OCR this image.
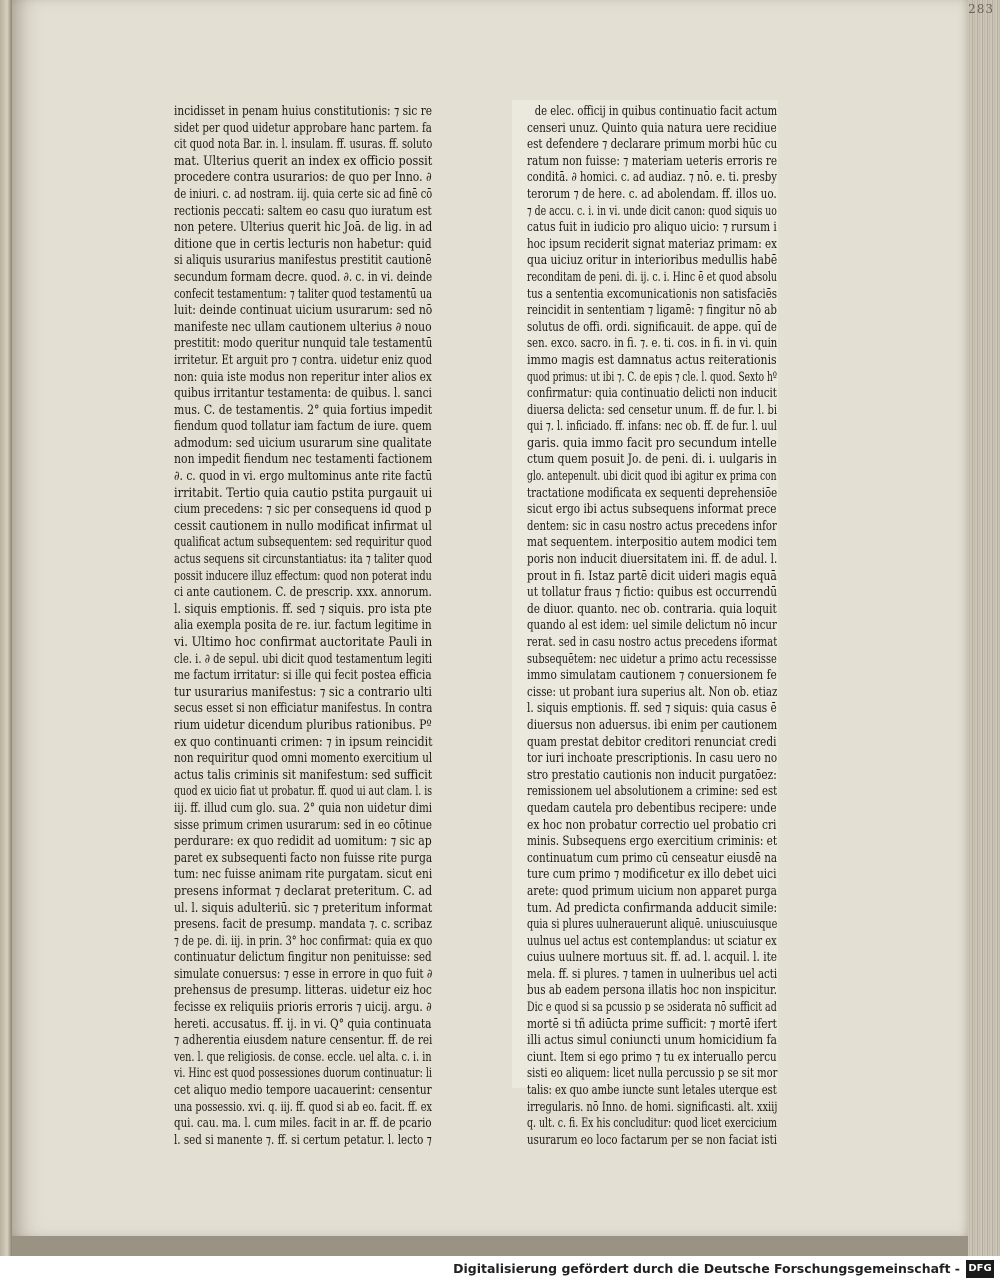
283
incidisset in penam huius constitutionis: ⁊ sic re
sidet per quod uidetur approbare hanc partem. fa
cit quod nota Bar. in. l. insulam. ff. usuras. ff. soluto
mat. Ulterius querit an index ex officio possit
procedere contra usurarios: de quo per Inno. ∂
de iniuri. c. ad nostram. iij. quia certe sic ad finē cō
rectionis peccati: saltem eo casu quo iuratum est
non petere. Ulterius querit hic Joā. de lig. in ad
ditione que in certis lecturis non habetur: quid
si aliquis usurarius manifestus prestitit cautionē
secundum formam decre. quod. ∂. c. in vi. deinde
confecit testamentum: ⁊ taliter quod testamentū ua
luit: deinde continuat uicium usurarum: sed nō
manifeste nec ullam cautionem ulterius ∂ nouo
prestitit: modo queritur nunquid tale testamentū
irritetur. Et arguit pro ⁊ contra. uidetur eniz quod
non: quia iste modus non reperitur inter alios ex
quibus irritantur testamenta: de quibus. l. sanci
mus. C. de testamentis. 2° quia fortius impedit
fiendum quod tollatur iam factum de iure. quem
admodum: sed uicium usurarum sine qualitate
non impedit fiendum nec testamenti factionem
∂. c. quod in vi. ergo multominus ante rite factū
irritabit. Tertio quia cautio pstita purgauit ui
cium precedens: ⁊ sic per consequens id quod p
cessit cautionem in nullo modificat infirmat ul
qualificat actum subsequentem: sed requiritur quod
actus sequens sit circunstantiatus: ita ⁊ taliter quod
possit inducere illuz effectum: quod non poterat indu
ci ante cautionem. C. de prescrip. xxx. annorum.
l. siquis emptionis. ff. sed ⁊ siquis. pro ista pte
alia exempla posita de re. iur. factum legitime in
vi. Ultimo hoc confirmat auctoritate Pauli in
cle. i. ∂ de sepul. ubi dicit quod testamentum legiti
me factum irritatur: si ille qui fecit postea efficia
tur usurarius manifestus: ⁊ sic a contrario ulti
secus esset si non efficiatur manifestus. In contra
rium uidetur dicendum pluribus rationibus. Pº
ex quo continuanti crimen: ⁊ in ipsum reincidit
non requiritur quod omni momento exercitium ul
actus talis criminis sit manifestum: sed sufficit
quod ex uicio fiat ut probatur. ff. quod ui aut clam. l. is
iij. ff. illud cum glo. sua. 2° quia non uidetur dimi
sisse primum crimen usurarum: sed in eo cōtinue
perdurare: ex quo redidit ad uomitum: ⁊ sic ap
paret ex subsequenti facto non fuisse rite purga
tum: nec fuisse animam rite purgatam. sicut eni
presens informat ⁊ declarat preteritum. C. ad
ul. l. siquis adulteriū. sic ⁊ preteritum informat
presens. facit de presump. mandata ⁊. c. scribaz
⁊ de pe. di. iij. in prin. 3° hoc confirmat: quia ex quo
continuatur delictum fingitur non penituisse: sed
simulate conuersus: ⁊ esse in errore in quo fuit ∂
prehensus de presump. litteras. uidetur eiz hoc
fecisse ex reliquiis prioris erroris ⁊ uicij. argu. ∂
hereti. accusatus. ff. ij. in vi. Q° quia continuata
⁊ adherentia eiusdem nature censentur. ff. de rei
ven. l. que religiosis. de conse. eccle. uel alta. c. i. in
vi. Hinc est quod possessiones duorum continuatur: li
cet aliquo medio tempore uacauerint: censentur
una possessio. xvi. q. iij. ff. quod si ab eo. facit. ff. ex
qui. cau. ma. l. cum miles. facit in ar. ff. de pcario
l. sed si manente ⁊. ff. si certum petatur. l. lecto ⁊
de elec. officij in quibus continuatio facit actum
censeri unuz. Quinto quia natura uere recidiue
est defendere ⁊ declarare primum morbi hūc cu
ratum non fuisse: ⁊ materiam ueteris erroris re
conditā. ∂ homici. c. ad audiaz. ⁊ nō. e. ti. presby
terorum ⁊ de here. c. ad abolendam. ff. illos uo.
⁊ de accu. c. i. in vi. unde dicit canon: quod siquis uo
catus fuit in iudicio pro aliquo uicio: ⁊ rursum i
hoc ipsum reciderit signat materiaz primam: ex
qua uiciuz oritur in interioribus medullis habē
reconditam de peni. di. ij. c. i. Hinc ē et quod absolu
tus a sententia excomunicationis non satisfaciēs
reincidit in sententiam ⁊ ligamē: ⁊ fingitur nō ab
solutus de offi. ordi. significauit. de appe. quī de
sen. exco. sacro. in fi. ⁊. e. ti. cos. in fi. in vi. quin
immo magis est damnatus actus reiterationis
quod primus: ut ibi ⁊. C. de epis ⁊ cle. l. quod. Sexto hº
confirmatur: quia continuatio delicti non inducit
diuersa delicta: sed censetur unum. ff. de fur. l. bi
qui ⁊. l. inficiado. ff. infans: nec ob. ff. de fur. l. uul
garis. quia immo facit pro secundum intelle
ctum quem posuit Jo. de peni. di. i. uulgaris in
glo. antepenult. ubi dicit quod ibi agitur ex prima con
tractatione modificata ex sequenti deprehensiōe
sicut ergo ibi actus subsequens informat prece
dentem: sic in casu nostro actus precedens infor
mat sequentem. interpositio autem modici tem
poris non inducit diuersitatem ini. ff. de adul. l.
prout in fi. Istaz partē dicit uideri magis equā
ut tollatur fraus ⁊ fictio: quibus est occurrendū
de diuor. quanto. nec ob. contraria. quia loquit
quando al est idem: uel simile delictum nō incur
rerat. sed in casu nostro actus precedens iformat
subsequētem: nec uidetur a primo actu recessisse
immo simulatam cautionem ⁊ conuersionem fe
cisse: ut probant iura superius alt. Non ob. etiaz
l. siquis emptionis. ff. sed ⁊ siquis: quia casus ē
diuersus non aduersus. ibi enim per cautionem
quam prestat debitor creditori renunciat credi
tor iuri inchoate prescriptionis. In casu uero no
stro prestatio cautionis non inducit purgatōez:
remissionem uel absolutionem a crimine: sed est
quedam cautela pro debentibus recipere: unde
ex hoc non probatur correctio uel probatio cri
minis. Subsequens ergo exercitium criminis: et
continuatum cum primo cū censeatur eiusdē na
ture cum primo ⁊ modificetur ex illo debet uici
arete: quod primum uicium non apparet purga
tum. Ad predicta confirmanda adducit simile:
quia si plures uulnerauerunt aliquē. uniuscuiusque
uulnus uel actus est contemplandus: ut sciatur ex
cuius uulnere mortuus sit. ff. ad. l. acquil. l. ite
mela. ff. si plures. ⁊ tamen in uulneribus uel acti
bus ab eadem persona illatis hoc non inspicitur.
Dic e quod si sa pcussio p se ɔsiderata nō sufficit ad
mortē si tñ adiūcta prime sufficit: ⁊ mortē ifert
illi actus simul coniuncti unum homicidium fa
ciunt. Item si ego primo ⁊ tu ex interuallo percu
sisti eo aliquem: licet nulla percussio p se sit mor
talis: ex quo ambe iuncte sunt letales uterque est
irregularis. nō Inno. de homi. significasti. alt. xxiij
q. ult. c. fi. Ex his concluditur: quod licet exercicium
usurarum eo loco factarum per se non faciat isti
Digitalisierung gefördert durch die Deutsche Forschungsgemeinschaft - DFG
